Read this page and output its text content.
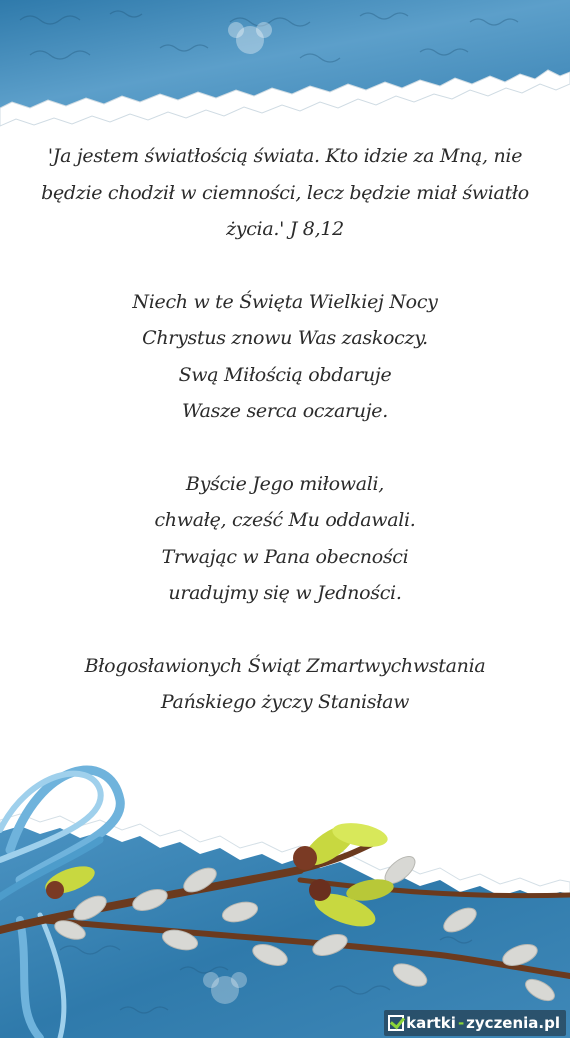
'Ja jestem światłością świata. Kto idzie za Mną, nie
będzie chodził w ciemności, lecz będzie miał światło
życia.' J 8,12
Niech w te Święta Wielkiej Nocy
Chrystus znowu Was zaskoczy.
Swą Miłością obdaruje
Wasze serca oczaruje.
Byście Jego miłowali,
chwałę, cześć Mu oddawali.
Trwając w Pana obecności
uradujmy się w Jedności.
Błogosławionych Świąt Zmartwychwstania
Pańskiego życzy Stanisław
kartki - zyczenia.pl
